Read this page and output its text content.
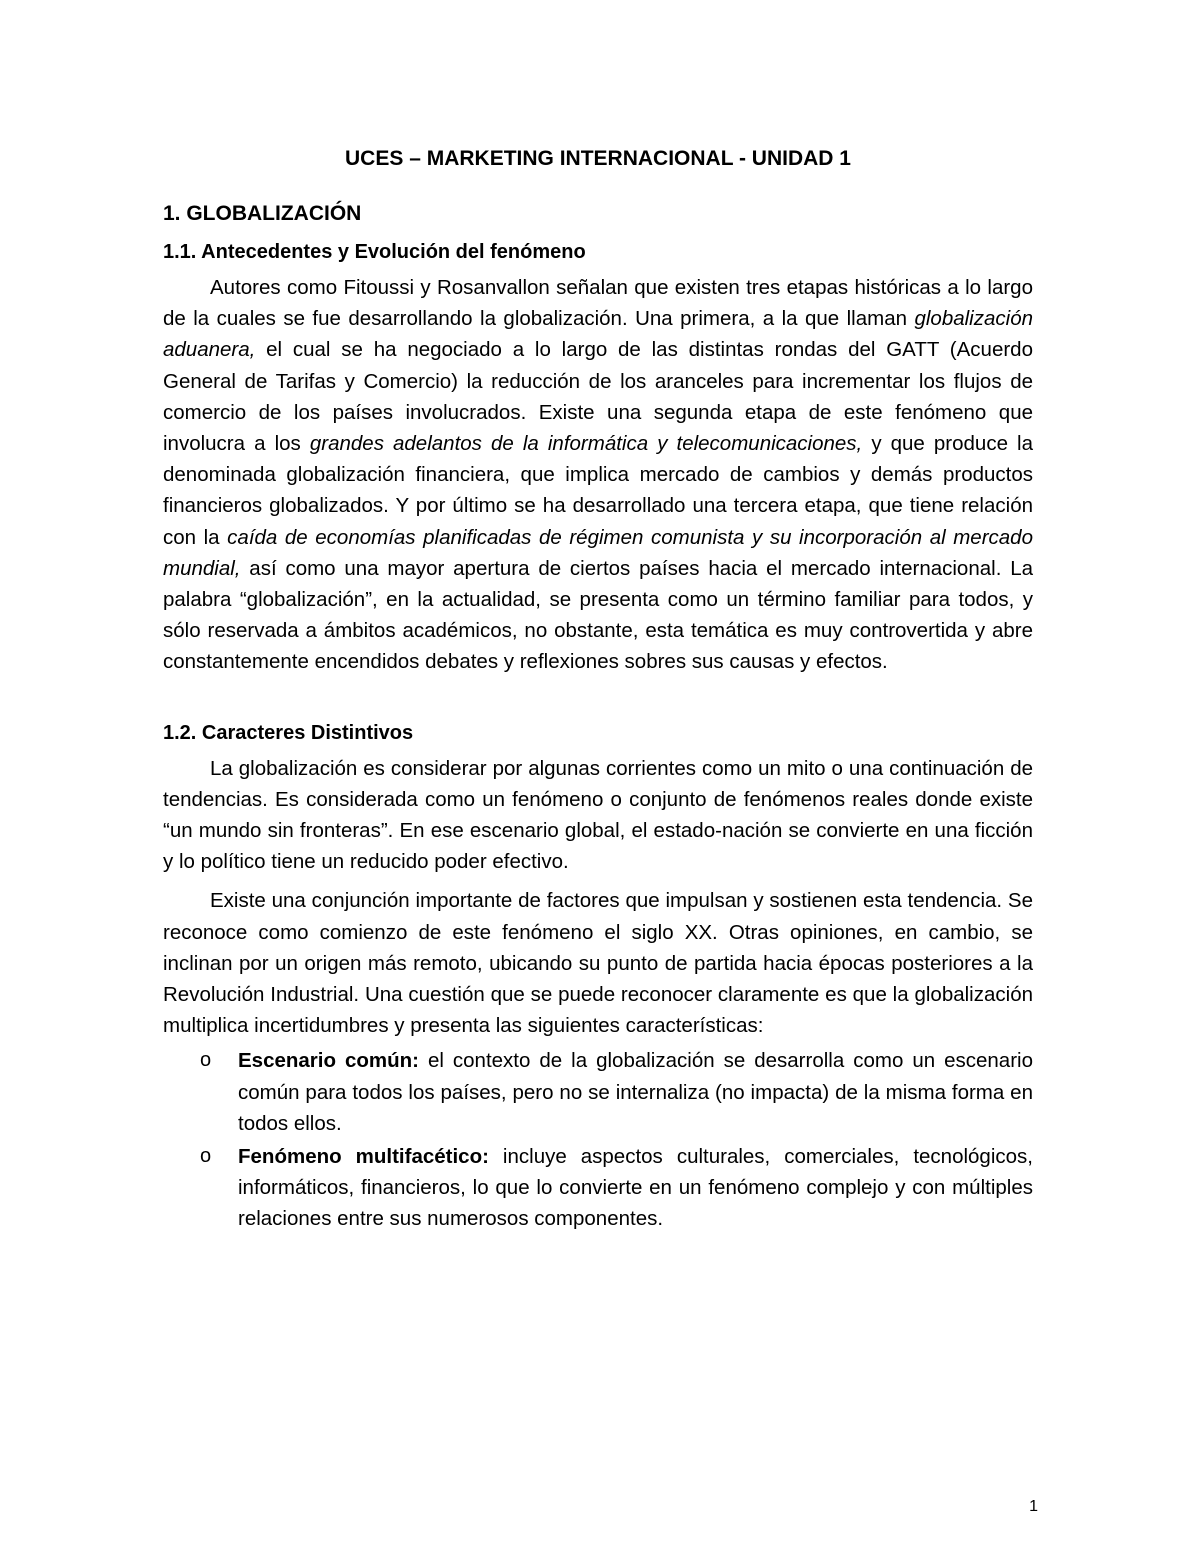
UCES – MARKETING INTERNACIONAL - UNIDAD 1
1. GLOBALIZACIÓN
1.1. Antecedentes y Evolución del fenómeno

Autores como Fitoussi y Rosanvallon señalan que existen tres etapas históricas a lo largo de la cuales se fue desarrollando la globalización. Una primera, a la que llaman globalización aduanera, el cual se ha negociado a lo largo de las distintas rondas del GATT (Acuerdo General de Tarifas y Comercio) la reducción de los aranceles para incrementar los flujos de comercio de los países involucrados. Existe una segunda etapa de este fenómeno que involucra a los grandes adelantos de la informática y telecomunicaciones, y que produce la denominada globalización financiera, que implica mercado de cambios y demás productos financieros globalizados. Y por último se ha desarrollado una tercera etapa, que tiene relación con la caída de economías planificadas de régimen comunista y su incorporación al mercado mundial, así como una mayor apertura de ciertos países hacia el mercado internacional. La palabra “globalización”, en la actualidad, se presenta como un término familiar para todos, y sólo reservada a ámbitos académicos, no obstante, esta temática es muy controvertida y abre constantemente encendidos debates y reflexiones sobres sus causas y efectos.

1.2. Caracteres Distintivos

La globalización es considerar por algunas corrientes como un mito o una continuación de tendencias. Es considerada como un fenómeno o conjunto de fenómenos reales donde existe “un mundo sin fronteras”. En ese escenario global, el estado-nación se convierte en una ficción y lo político tiene un reducido poder efectivo.

Existe una conjunción importante de factores que impulsan y sostienen esta tendencia. Se reconoce como comienzo de este fenómeno el siglo XX. Otras opiniones, en cambio, se inclinan por un origen más remoto, ubicando su punto de partida hacia épocas posteriores a la Revolución Industrial. Una cuestión que se puede reconocer claramente es que la globalización multiplica incertidumbres y presenta las siguientes características:

o Escenario común: el contexto de la globalización se desarrolla como un escenario común para todos los países, pero no se internaliza (no impacta) de la misma forma en todos ellos.
o Fenómeno multifacético: incluye aspectos culturales, comerciales, tecnológicos, informáticos, financieros, lo que lo convierte en un fenómeno complejo y con múltiples relaciones entre sus numerosos componentes.
1
